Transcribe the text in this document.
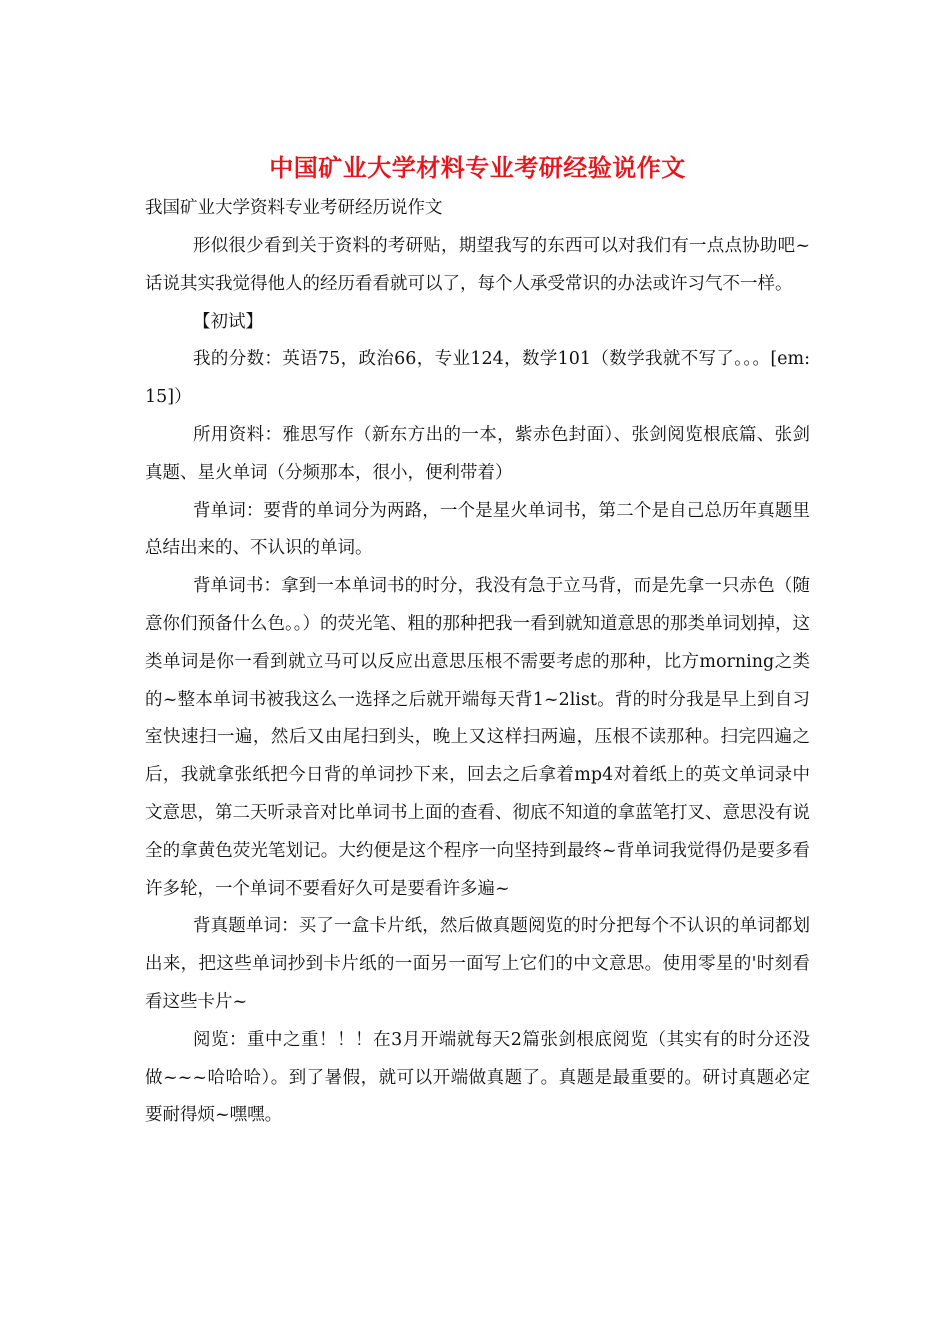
中国矿业大学材料专业考研经验说作文
我国矿业大学资料专业考研经历说作文

形似很少看到关于资料的考研贴，期望我写的东西可以对我们有一点点协助吧~话说其实我觉得他人的经历看看就可以了，每个人承受常识的办法或许习气不一样。

【初试】

我的分数：英语75，政治66，专业124，数学101（数学我就不写了。。。[em:15]）

所用资料：雅思写作（新东方出的一本，紫赤色封面）、张剑阅览根底篇、张剑真题、星火单词（分频那本，很小，便利带着）

背单词：要背的单词分为两路，一个是星火单词书，第二个是自己总历年真题里总结出来的、不认识的单词。

背单词书：拿到一本单词书的时分，我没有急于立马背，而是先拿一只赤色（随意你们预备什么色。。）的荧光笔、粗的那种把我一看到就知道意思的那类单词划掉，这类单词是你一看到就立马可以反应出意思压根不需要考虑的那种，比方morning之类的~整本单词书被我这么一选择之后就开端每天背1~2list。背的时分我是早上到自习室快速扫一遍，然后又由尾扫到头，晚上又这样扫两遍，压根不读那种。扫完四遍之后，我就拿张纸把今日背的单词抄下来，回去之后拿着mp4对着纸上的英文单词录中文意思，第二天听录音对比单词书上面的查看、彻底不知道的拿蓝笔打叉、意思没有说全的拿黄色荧光笔划记。大约便是这个程序一向坚持到最终~背单词我觉得仍是要多看许多轮，一个单词不要看好久可是要看许多遍~

背真题单词：买了一盒卡片纸，然后做真题阅览的时分把每个不认识的单词都划出来，把这些单词抄到卡片纸的一面另一面写上它们的中文意思。使用零星的'时刻看看这些卡片~

阅览：重中之重！！！在3月开端就每天2篇张剑根底阅览（其实有的时分还没做~~~哈哈哈）。到了暑假，就可以开端做真题了。真题是最重要的。研讨真题必定要耐得烦~嘿嘿。
